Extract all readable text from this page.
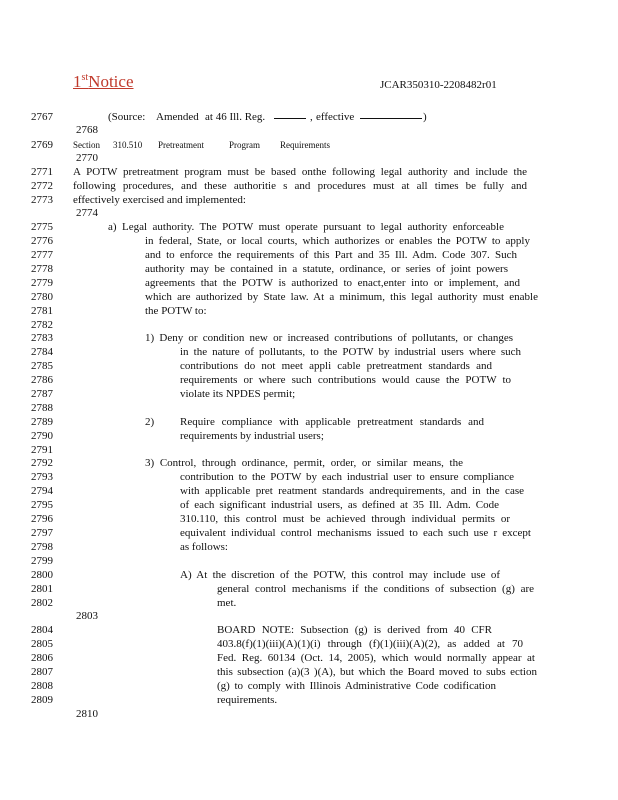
1stNotice	JCAR350310-2208482r01
2767	(Source: Amended at 46 Ill. Reg.	, effective	)
2768
2769 Section 310.510 Pretreatment	Program Requirements
2770
2771 A POTW pretreatment program must be based onthe following legal authority and include the
2772 following procedures, and these authoritie s and procedures must at all times be fully and
2773 effectively exercised and implemented:
2774
2775	a) Legal authority. The POTW must operate pursuant to legal authority enforceable
2776	in federal, State, or local courts, which authorizes or enables the POTW to apply
2777	and to enforce the requirements of this Part and 35 Ill. Adm. Code 307. Such
2778	authority may be contained in a statute, ordinance, or series of joint powers
2779	agreements that the POTW is authorized to enact,enter into or implement, and
2780	which are authorized by State law. At a minimum, this legal authority must enable
2781	the POTW to:
2782
2783	1) Deny or condition new or increased contributions of pollutants, or changes
2784	in the nature of pollutants, to the POTW by industrial users where such
2785	contributions do not meet appli cable pretreatment standards and
2786	requirements or where such contributions would cause the POTW to
2787	violate its NPDES permit;
2788
2789	2) Require compliance with applicable pretreatment standards and
2790	requirements by industrial users;
2791
2792	3) Control, through ordinance, permit, order, or similar means, the
2793	contribution to the POTW by each industrial user to ensure compliance
2794	with applicable pret reatment standards andrequirements, and in the case
2795	of each significant industrial users, as defined at 35 Ill. Adm. Code
2796	310.110, this control must be achieved through individual permits or
2797	equivalent individual control mechanisms issued to each such use r except
2798	as follows:
2799
2800	A) At the discretion of the POTW, this control may include use of
2801	general control mechanisms if the conditions of subsection (g) are
2802	met.
2803
2804	BOARD NOTE: Subsection (g) is derived from 40 CFR
2805	403.8(f)(1)(iii)(A)(1)(i) through (f)(1)(iii)(A)(2), as added at 70
2806	Fed. Reg. 60134 (Oct. 14, 2005), which would normally appear at
2807	this subsection (a)(3 )(A), but which the Board moved to subs ection
2808	(g) to comply with Illinois Administrative Code codification
2809	requirements.
2810
